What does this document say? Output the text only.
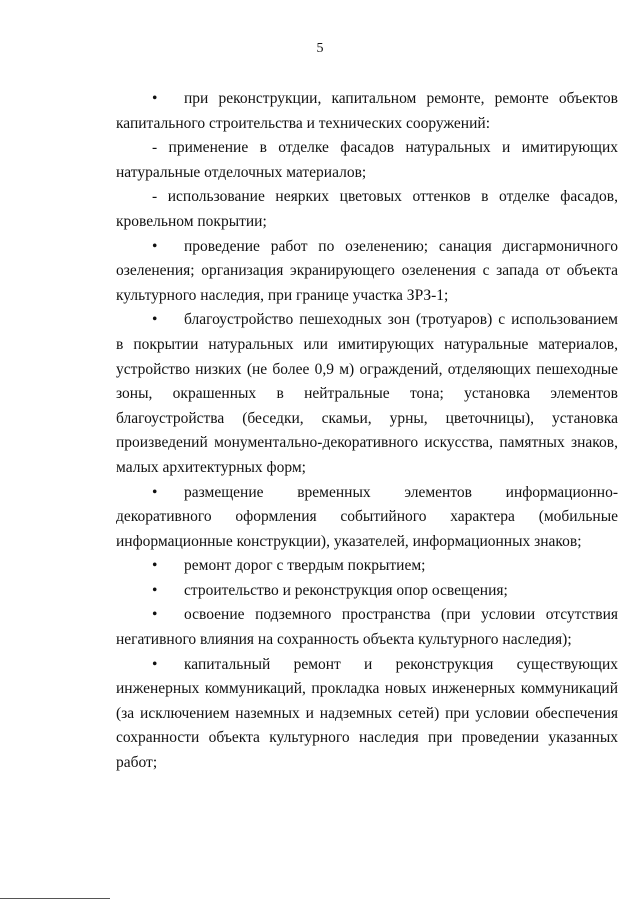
5

•	при реконструкции, капитальном ремонте, ремонте объектов капитального строительства и технических сооружений:

- применение в отделке фасадов натуральных и имитирующих натуральные отделочных материалов;

- использование неярких цветовых оттенков в отделке фасадов, кровельном покрытии;

•	проведение работ по озеленению; санация дисгармоничного озеленения; организация экранирующего озеленения с запада от объекта культурного наследия, при границе участка ЗРЗ-1;

•	благоустройство пешеходных зон (тротуаров) с использованием в покрытии натуральных или имитирующих натуральные материалов, устройство низких (не более 0,9 м) ограждений, отделяющих пешеходные зоны, окрашенных в нейтральные тона; установка элементов благоустройства (беседки, скамьи, урны, цветочницы), установка произведений монументально-декоративного искусства, памятных знаков, малых архитектурных форм;

•	размещение временных элементов информационно-декоративного оформления событийного характера (мобильные информационные конструкции), указателей, информационных знаков;

•	ремонт дорог с твердым покрытием;

•	строительство и реконструкция опор освещения;

•	освоение подземного пространства (при условии отсутствия негативного влияния на сохранность объекта культурного наследия);

•	капитальный ремонт и реконструкция существующих инженерных коммуникаций, прокладка новых инженерных коммуникаций (за исключением наземных и надземных сетей) при условии обеспечения сохранности объекта культурного наследия при проведении указанных работ;
